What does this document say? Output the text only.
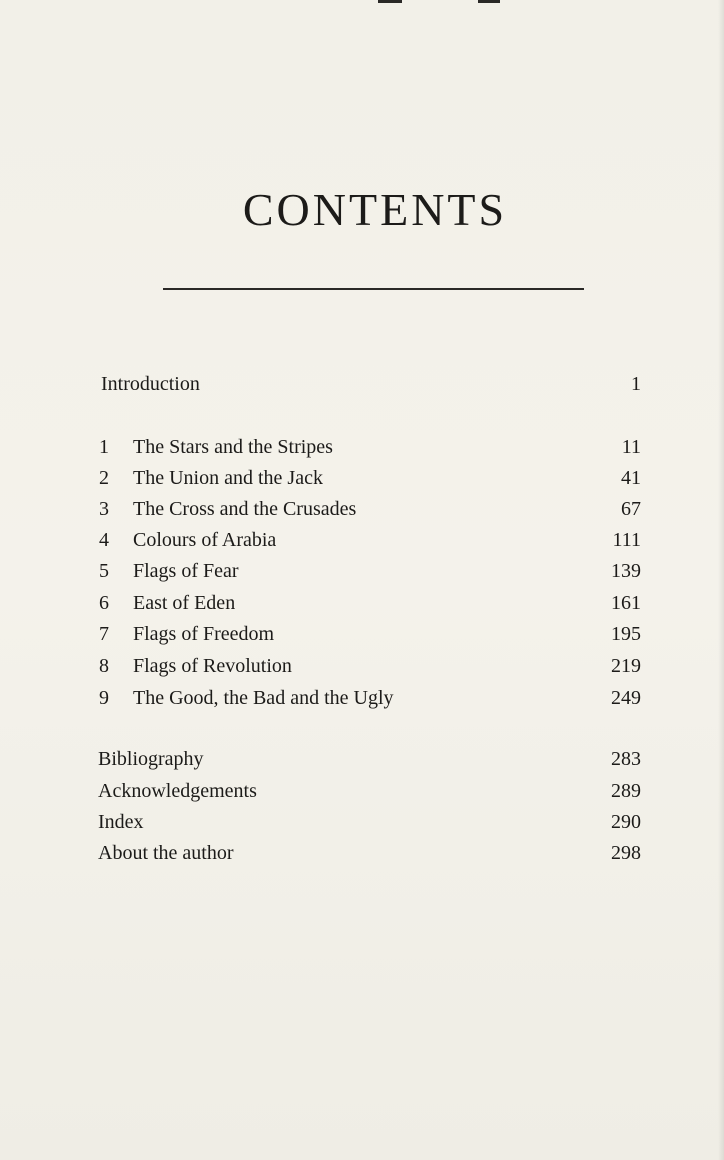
CONTENTS
Introduction	1
1 The Stars and the Stripes	11
2 The Union and the Jack	41
3 The Cross and the Crusades	67
4 Colours of Arabia	111
5 Flags of Fear	139
6 East of Eden	161
7 Flags of Freedom	195
8 Flags of Revolution	219
9 The Good, the Bad and the Ugly	249
Bibliography	283
Acknowledgements	289
Index	290
About the author	298
